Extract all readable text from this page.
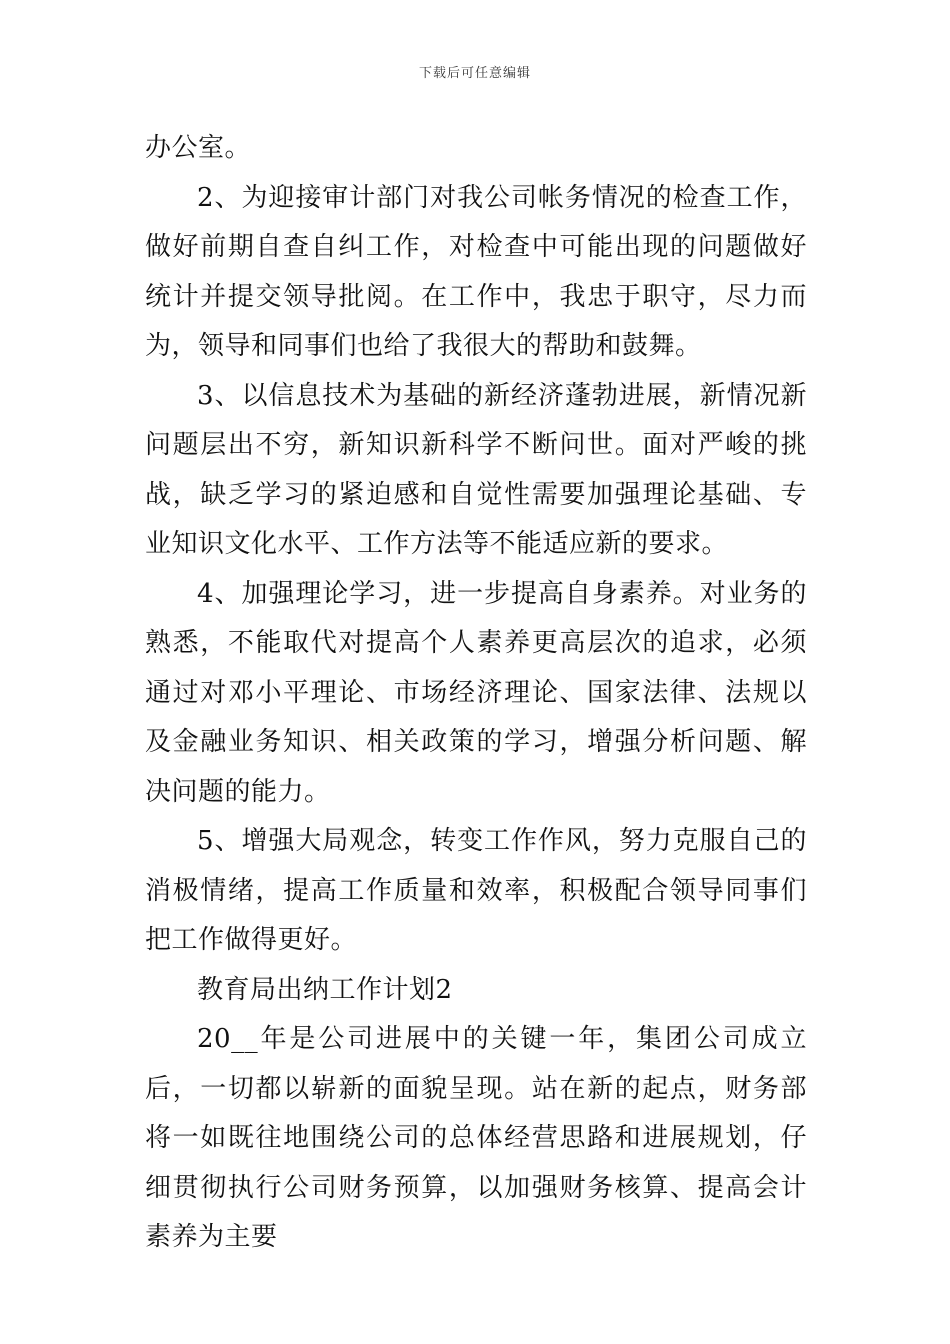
下载后可任意编辑

办公室。

2、为迎接审计部门对我公司帐务情况的检查工作，做好前期自查自纠工作，对检查中可能出现的问题做好统计并提交领导批阅。在工作中，我忠于职守，尽力而为，领导和同事们也给了我很大的帮助和鼓舞。

3、以信息技术为基础的新经济蓬勃进展，新情况新问题层出不穷，新知识新科学不断问世。面对严峻的挑战，缺乏学习的紧迫感和自觉性需要加强理论基础、专业知识文化水平、工作方法等不能适应新的要求。

4、加强理论学习，进一步提高自身素养。对业务的熟悉，不能取代对提高个人素养更高层次的追求，必须通过对邓小平理论、市场经济理论、国家法律、法规以及金融业务知识、相关政策的学习，增强分析问题、解决问题的能力。

5、增强大局观念，转变工作作风，努力克服自己的消极情绪，提高工作质量和效率，积极配合领导同事们把工作做得更好。

教育局出纳工作计划2

20__年是公司进展中的关键一年，集团公司成立后，一切都以崭新的面貌呈现。站在新的起点，财务部将一如既往地围绕公司的总体经营思路和进展规划，仔细贯彻执行公司财务预算，以加强财务核算、提高会计素养为主要
